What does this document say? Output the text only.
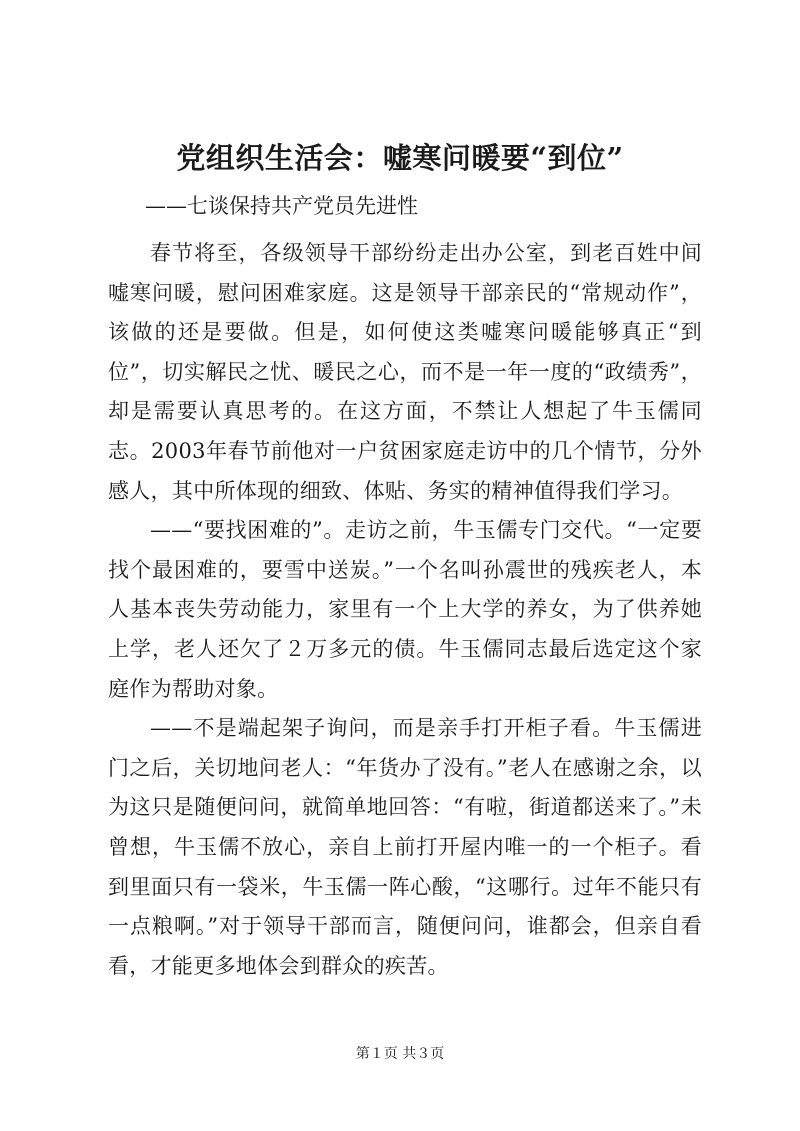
党组织生活会：嘘寒问暖要“到位”
——七谈保持共产党员先进性

春节将至，各级领导干部纷纷走出办公室，到老百姓中间嘘寒问暖，慰问困难家庭。这是领导干部亲民的“常规动作”，该做的还是要做。但是，如何使这类嘘寒问暖能够真正“到位”，切实解民之忧、暖民之心，而不是一年一度的“政绩秀”，却是需要认真思考的。在这方面，不禁让人想起了牛玉儒同志。2003年春节前他对一户贫困家庭走访中的几个情节，分外感人，其中所体现的细致、体贴、务实的精神值得我们学习。

——“要找困难的”。走访之前，牛玉儒专门交代。“一定要找个最困难的，要雪中送炭。”一个名叫孙震世的残疾老人，本人基本丧失劳动能力，家里有一个上大学的养女，为了供养她上学，老人还欠了２万多元的债。牛玉儒同志最后选定这个家庭作为帮助对象。

——不是端起架子询问，而是亲手打开柜子看。牛玉儒进门之后，关切地问老人：“年货办了没有。”老人在感谢之余，以为这只是随便问问，就简单地回答：“有啦，街道都送来了。”未曾想，牛玉儒不放心，亲自上前打开屋内唯一的一个柜子。看到里面只有一袋米，牛玉儒一阵心酸，“这哪行。过年不能只有一点粮啊。”对于领导干部而言，随便问问，谁都会，但亲自看看，才能更多地体会到群众的疾苦。

第１页 共３页
